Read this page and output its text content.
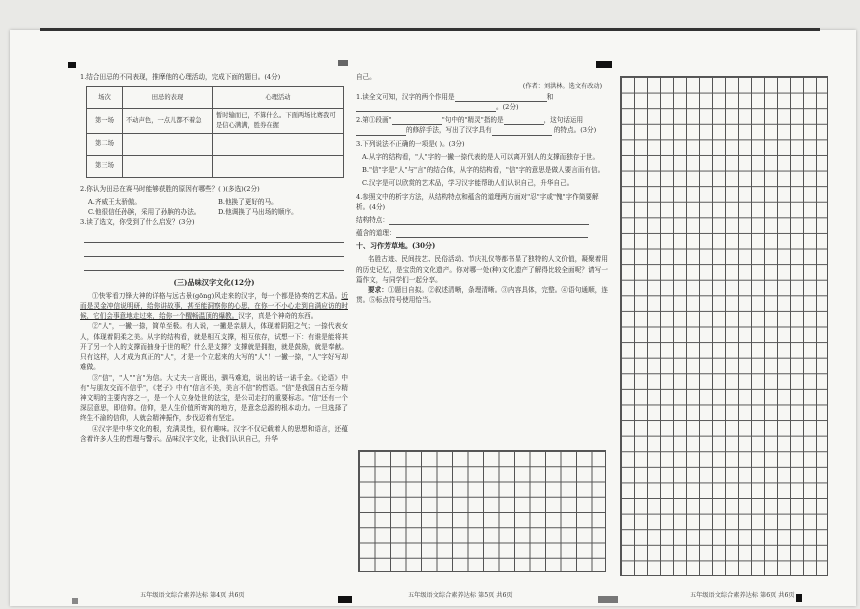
1.结合田忌的不同表现，推摩他的心理活动，完成下面的题目。(4分)
场次	田忌的表现	心理活动
第一场	不动声色，一点儿都不着急	暂时输而已，不算什么。下面两场比赛我可是信心满满，胜券在握
第二场		
第三场		
2.你认为田忌在赛马时能够获胜的原因有哪些？( )(多选)(2分)
A.齐威王太骄傲。	B.他换了更好的马。
C.他很信任孙膑，采用了孙膑的办法。	D.他调换了马出场的顺序。
3.读了选文，你受到了什么启发？(3分)
(三)品味汉字文化(12分)
①快零看刀锋大神的详格与远古景(gōng)风走来的汉字，每一个都是协奏的艺术品。近而是灵金冲信说明研，给你讲故事，甚至能洞察你的心思，在你一不小心走到自满应访的时候，它们会事意地走过来，给你一个醒畅温顶的爆教。汉字，真是个神奇的东西。
②"人"，一撇一捺，简单至极。有人说，一撇是亲朋人，体现着阴阳之气；一捺代表女人，体现着阴柔之美。从字的结构看，就是相互支撑，相互依存，试想一下：有谁是能将其开了另一个人的支撑而抽身于世的呢？什么是支撑？支撑就是拥抱，就是鼓励，就是奉献。只有这样，人才成为真正的"人"，才是一个立起来的大写的"人"！一撇一捺，"人"字好写却难做。
③"信"，"人""言"为信。大丈夫一言既出，驷马难追，说出的话一诺千金。《论语》中有"与朋友交而不信乎"，《老子》中有"信言不美，美言不信"的哲语。"信"是我国自古至今精神文明的主要内容之一，是一个人立身处世的法宝，是公司走打的重要标志。"信"还有一个深层意思，即信仰。信仰，是人生价值所寄寓的地方，是意念总源的根本动力。一旦选择了终生不渝的信仰，人就会精神振作，步伐迈着有坚定。
④汉字是中华文化的根，充满灵性，很有趣味。汉字不仅记载着人的思想和语言，还蕴含着许多人生的哲理与警示。品味汉字文化，让我们认识自己，升华
五年级语文综合素养达标 第4页 共6页
自己。
(作者：刘洪林。选文有改动)
1.读全文可知，汉字的两个作用是	和 。(2分)
2.第①段画"	"句中的"精灵"指的是	，这句话运用 的修辞手法，写出了汉字具有	的特点。(3分)
3.下列说法不正确的一项是( )。(3分)
A.从字的结构看，"人"字的一撇一捺代表的是人可以离开别人的支撑而独存于世。
B."信"字是"人"与"言"的结合体，从字的结构看，"信"字的意思是做人要言而有信。
C.汉字是可以欣赏的艺术品，学习汉字能帮助人们认识自己，升华自己。
4.参照文中的析字方法，从结构特点和蕴含的道理两方面对"忍"字或"愧"字作简要解析。(4分)
结构特点：
蕴含的道理：
十、习作芳草地。(30分)
名胜古迹、民间技艺、民俗活动、节庆礼仪等都书显了独特的人文价值，凝聚着用的历史记忆，是宝贵的文化遗产。你对哪一处(种)文化遗产了解得比较全面呢？请写一篇作文，与同学们一起分享。
要求：①题目自拟。②叙述清晰，条理清晰。③内容具体，完整。④语句通顺，连贯。⑤标点符号使用恰当。
五年级语文综合素养达标 第5页 共6页	五年级语文综合素养达标 第6页 共6页
